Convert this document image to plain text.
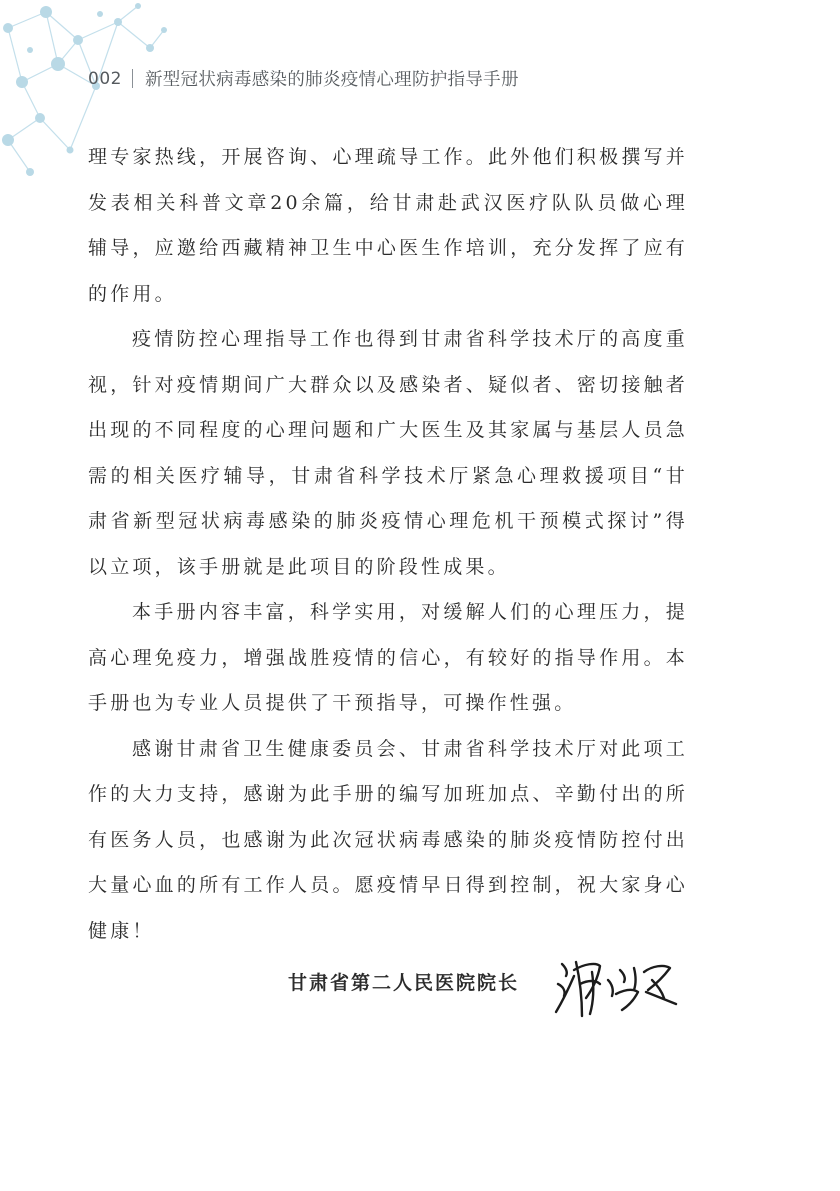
002 新型冠状病毒感染的肺炎疫情心理防护指导手册

理专家热线，开展咨询、心理疏导工作。此外他们积极撰写并发表相关科普文章20余篇，给甘肃赴武汉医疗队队员做心理辅导，应邀给西藏精神卫生中心医生作培训，充分发挥了应有的作用。

疫情防控心理指导工作也得到甘肃省科学技术厅的高度重视，针对疫情期间广大群众以及感染者、疑似者、密切接触者出现的不同程度的心理问题和广大医生及其家属与基层人员急需的相关医疗辅导，甘肃省科学技术厅紧急心理救援项目“甘肃省新型冠状病毒感染的肺炎疫情心理危机干预模式探讨”得以立项，该手册就是此项目的阶段性成果。

本手册内容丰富，科学实用，对缓解人们的心理压力，提高心理免疫力，增强战胜疫情的信心，有较好的指导作用。本手册也为专业人员提供了干预指导，可操作性强。

感谢甘肃省卫生健康委员会、甘肃省科学技术厅对此项工作的大力支持，感谢为此手册的编写加班加点、辛勤付出的所有医务人员，也感谢为此次冠状病毒感染的肺炎疫情防控付出大量心血的所有工作人员。愿疫情早日得到控制，祝大家身心健康！

甘肃省第二人民医院院长
